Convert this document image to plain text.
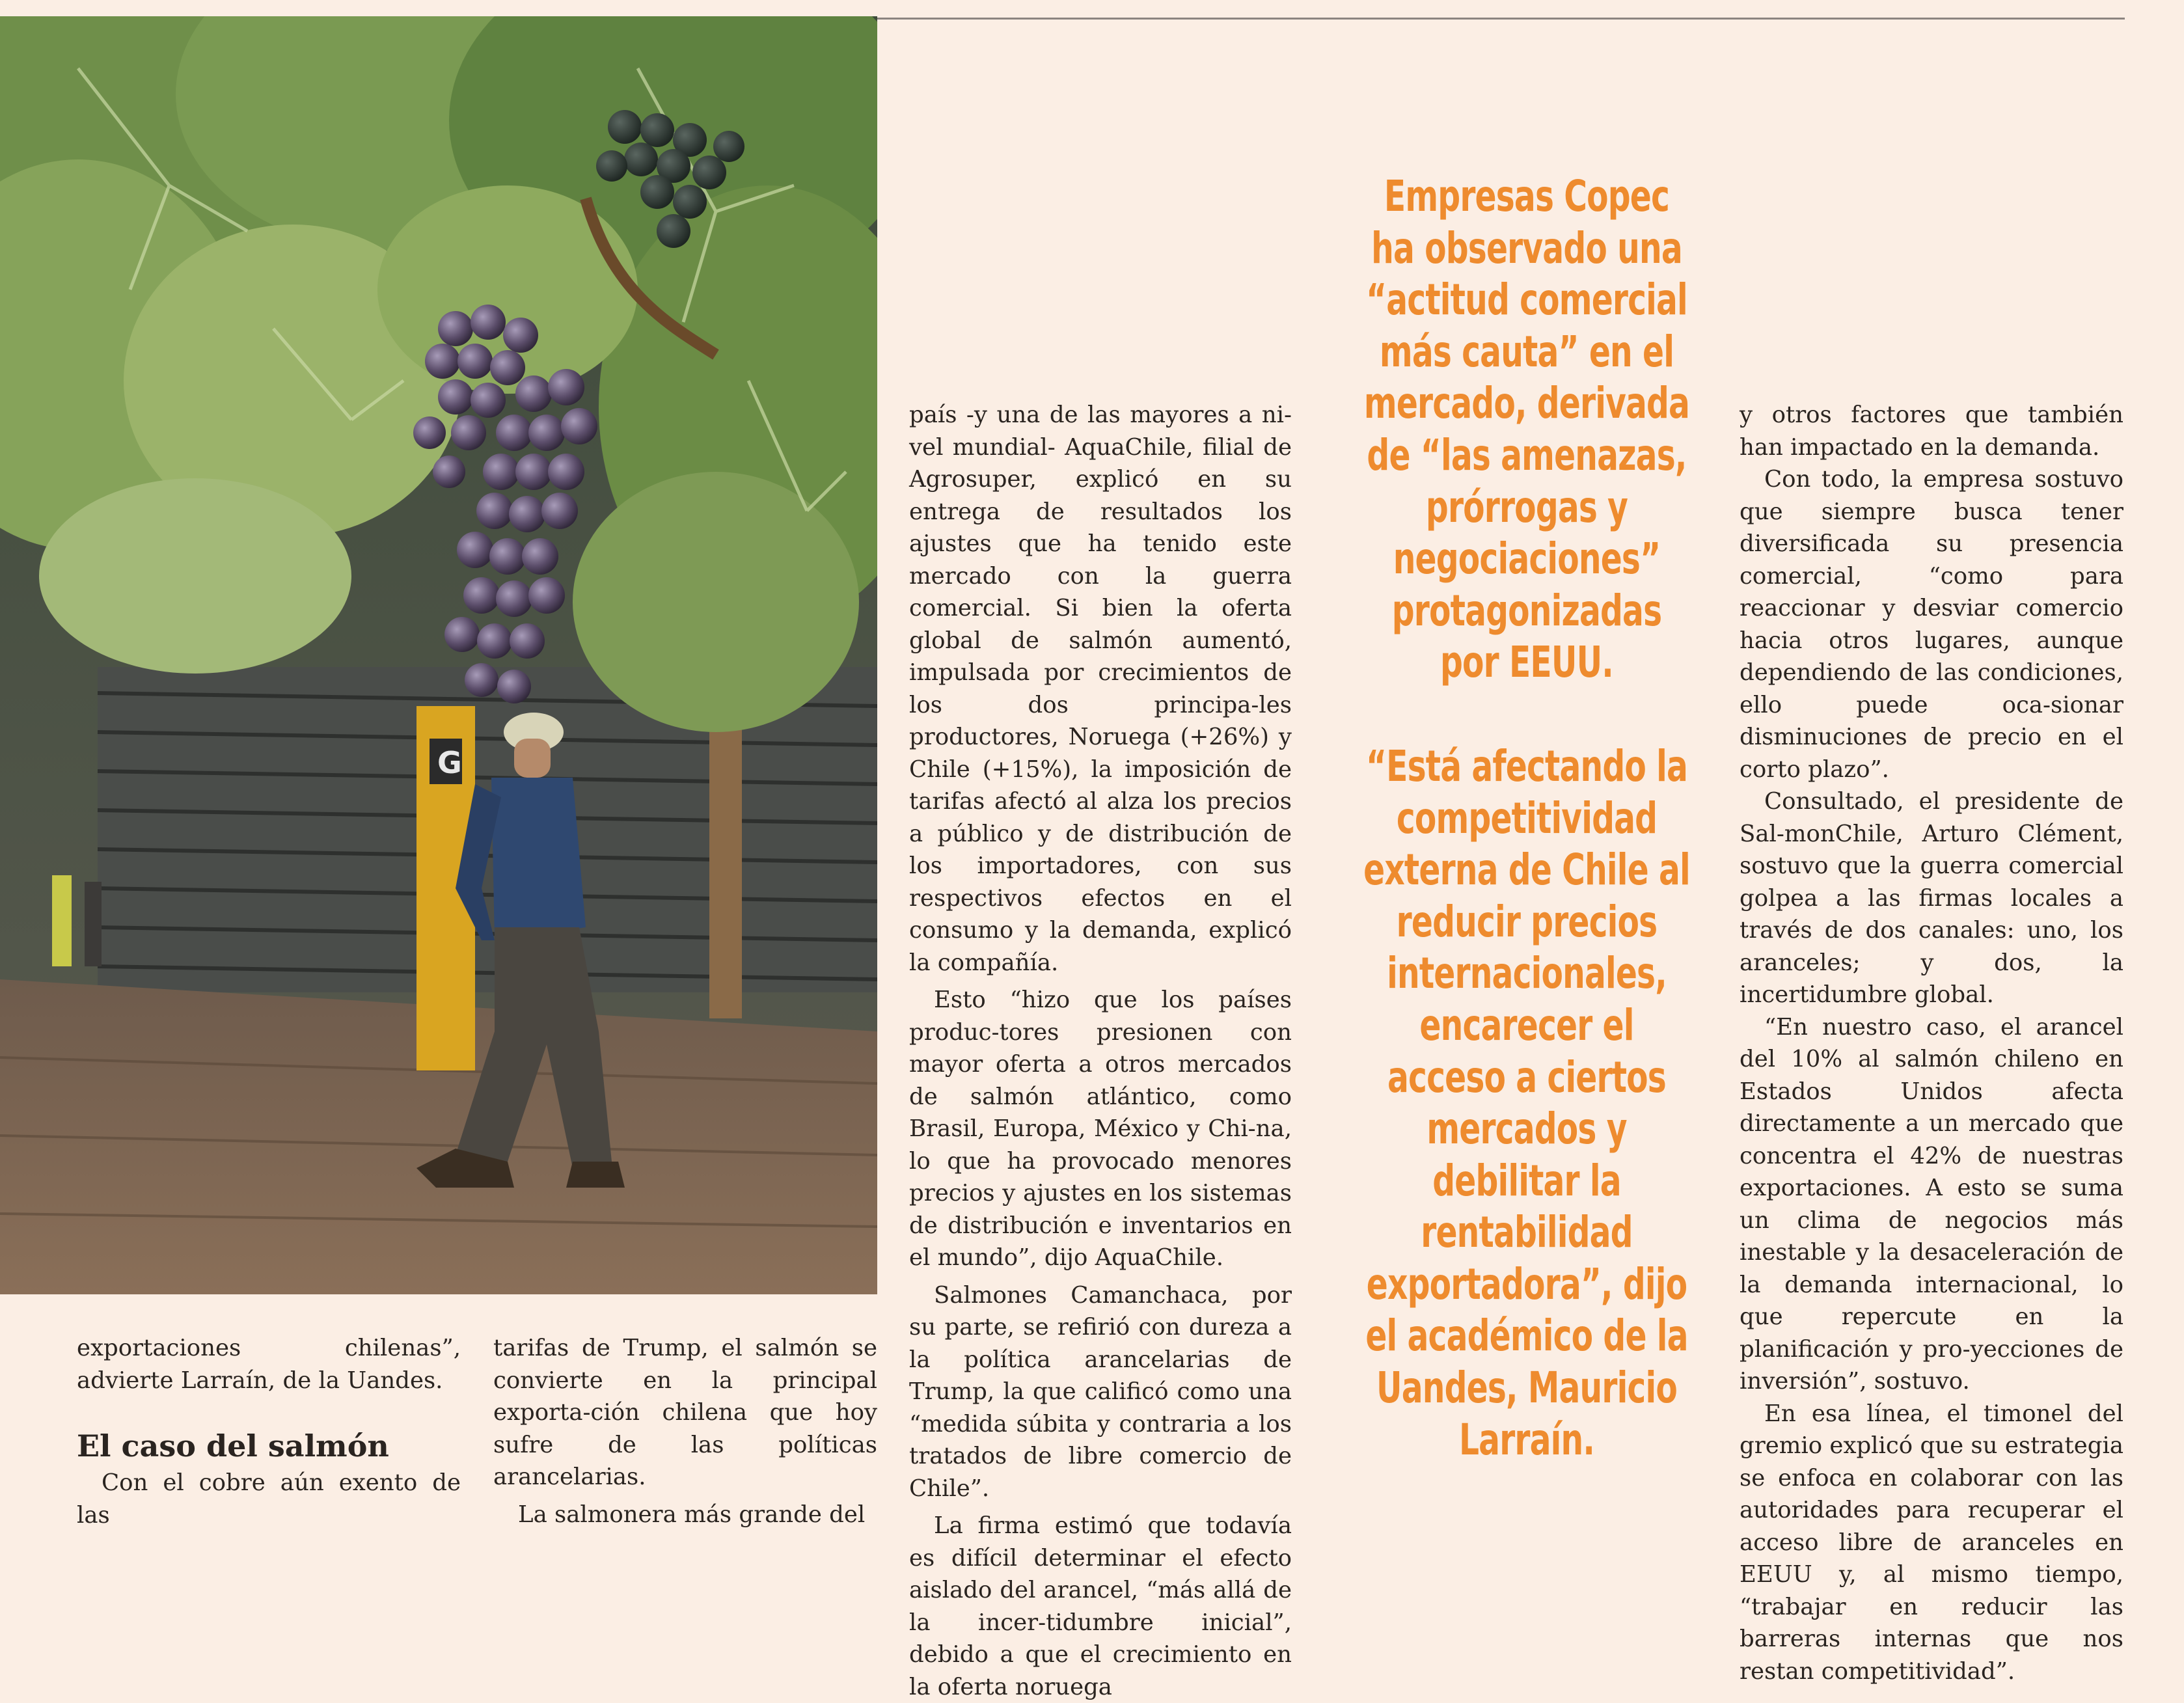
G

exportaciones chilenas”, advierte Larraín, de la Uandes.

El caso del salmón

Con el cobre aún exento de las

tarifas de Trump, el salmón se convierte en la principal exporta-ción chilena que hoy sufre de las políticas arancelarias.

La salmonera más grande del

país -y una de las mayores a ni-vel mundial- AquaChile, filial de Agrosuper, explicó en su entrega de resultados los ajustes que ha tenido este mercado con la guerra comercial. Si bien la oferta global de salmón aumentó, impulsada por crecimientos de los dos principa-les productores, Noruega (+26%) y Chile (+15%), la imposición de tarifas afectó al alza los precios a público y de distribución de los importadores, con sus respectivos efectos en el consumo y la demanda, explicó la compañía.

Esto “hizo que los países produc-tores presionen con mayor oferta a otros mercados de salmón atlántico, como Brasil, Europa, México y Chi-na, lo que ha provocado menores precios y ajustes en los sistemas de distribución e inventarios en el mundo”, dijo AquaChile.

Salmones Camanchaca, por su parte, se refirió con dureza a la política arancelarias de Trump, la que calificó como una “medida súbita y contraria a los tratados de libre comercio de Chile”.

La firma estimó que todavía es difícil determinar el efecto aislado del arancel, “más allá de la incer-tidumbre inicial”, debido a que el crecimiento en la oferta noruega

Empresas Copec ha observado una “actitud comercial más cauta” en el mercado, derivada de “las amenazas, prórrogas y negociaciones” protagonizadas por EEUU.

“Está afectando la competitividad externa de Chile al reducir precios internacionales, encarecer el acceso a ciertos mercados y debilitar la rentabilidad exportadora”, dijo el académico de la Uandes, Mauricio Larraín.

y otros factores que también han impactado en la demanda.

Con todo, la empresa sostuvo que siempre busca tener diversificada su presencia comercial, “como para reaccionar y desviar comercio hacia otros lugares, aunque dependiendo de las condiciones, ello puede oca-sionar disminuciones de precio en el corto plazo”.

Consultado, el presidente de Sal-monChile, Arturo Clément, sostuvo que la guerra comercial golpea a las firmas locales a través de dos canales: uno, los aranceles; y dos, la incertidumbre global.

“En nuestro caso, el arancel del 10% al salmón chileno en Estados Unidos afecta directamente a un mercado que concentra el 42% de nuestras exportaciones. A esto se suma un clima de negocios más inestable y la desaceleración de la demanda internacional, lo que repercute en la planificación y pro-yecciones de inversión”, sostuvo.

En esa línea, el timonel del gremio explicó que su estrategia se enfoca en colaborar con las autoridades para recuperar el acceso libre de aranceles en EEUU y, al mismo tiempo, “trabajar en reducir las barreras internas que nos restan competitividad”.
